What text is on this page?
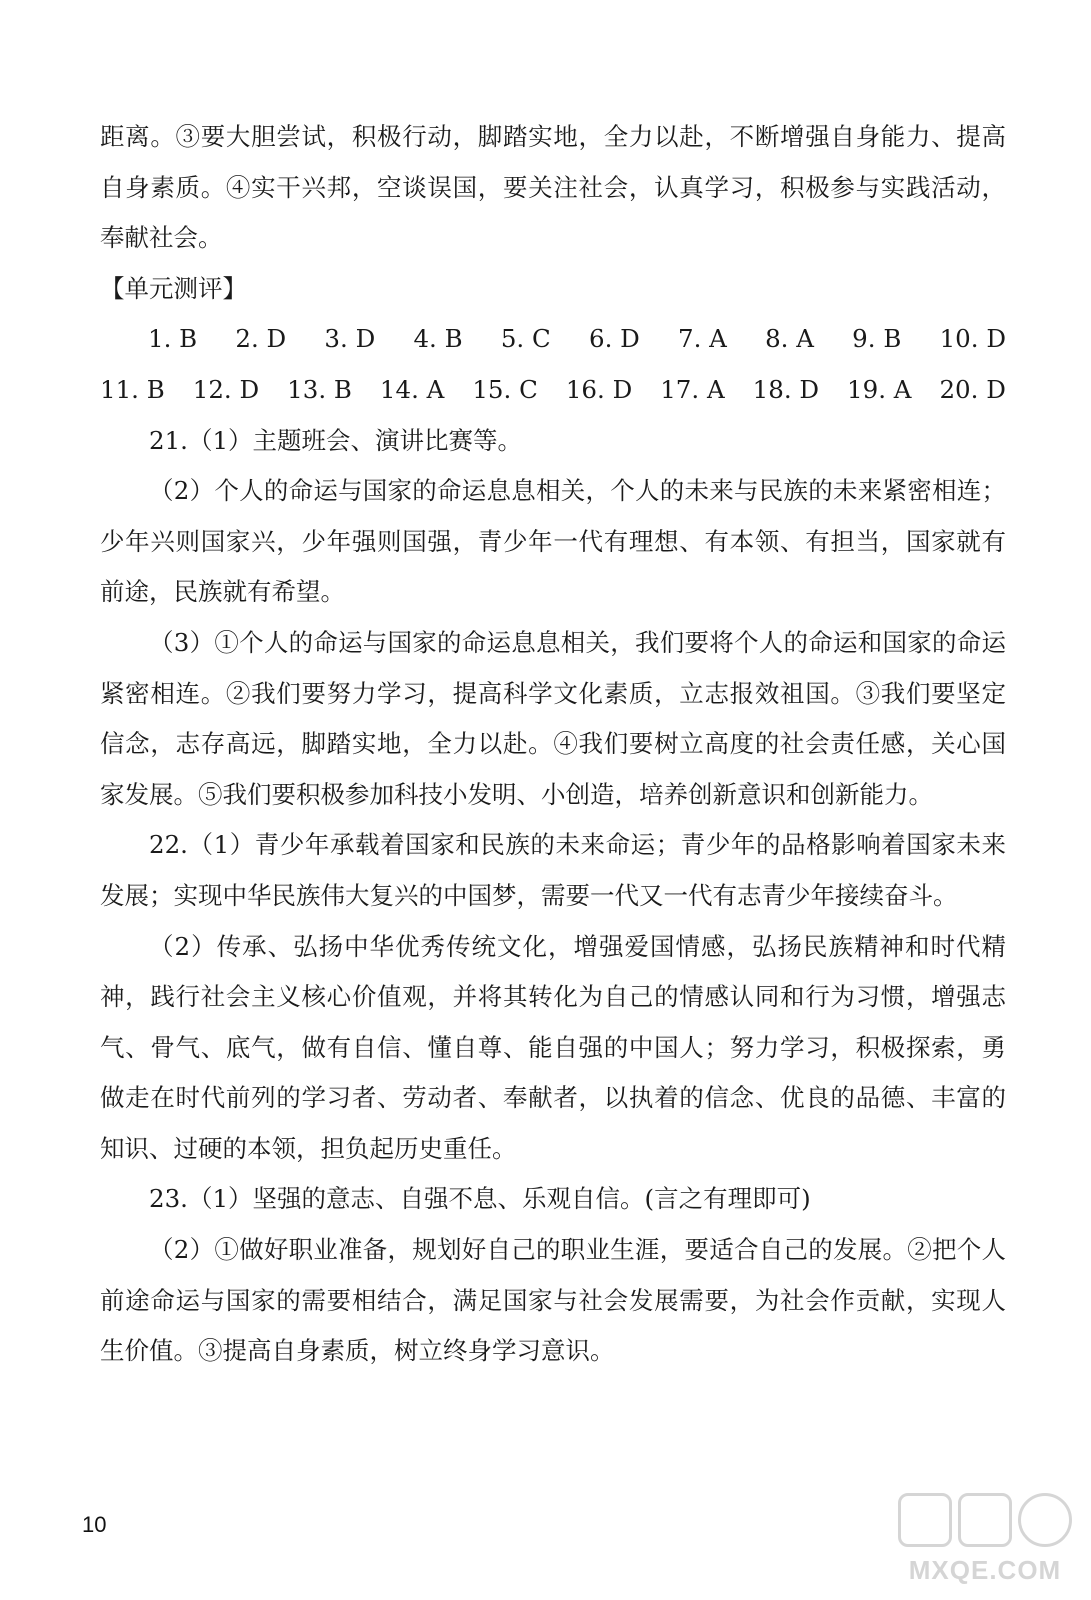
距离。③要大胆尝试，积极行动，脚踏实地，全力以赴，不断增强自身能力、提高自身素质。④实干兴邦，空谈误国，要关注社会，认真学习，积极参与实践活动，奉献社会。

【单元测评】

1. B 2. D 3. D 4. B 5. C 6. D 7. A 8. A 9. B 10. D
11. B 12. D 13. B 14. A 15. C 16. D 17. A 18. D 19. A 20. D

21.（1）主题班会、演讲比赛等。

（2）个人的命运与国家的命运息息相关，个人的未来与民族的未来紧密相连；少年兴则国家兴，少年强则国强，青少年一代有理想、有本领、有担当，国家就有前途，民族就有希望。

（3）①个人的命运与国家的命运息息相关，我们要将个人的命运和国家的命运紧密相连。②我们要努力学习，提高科学文化素质，立志报效祖国。③我们要坚定信念，志存高远，脚踏实地，全力以赴。④我们要树立高度的社会责任感，关心国家发展。⑤我们要积极参加科技小发明、小创造，培养创新意识和创新能力。

22.（1）青少年承载着国家和民族的未来命运；青少年的品格影响着国家未来发展；实现中华民族伟大复兴的中国梦，需要一代又一代有志青少年接续奋斗。

（2）传承、弘扬中华优秀传统文化，增强爱国情感，弘扬民族精神和时代精神，践行社会主义核心价值观，并将其转化为自己的情感认同和行为习惯，增强志气、骨气、底气，做有自信、懂自尊、能自强的中国人；努力学习，积极探索，勇做走在时代前列的学习者、劳动者、奉献者，以执着的信念、优良的品德、丰富的知识、过硬的本领，担负起历史重任。

23.（1）坚强的意志、自强不息、乐观自信。(言之有理即可)

（2）①做好职业准备，规划好自己的职业生涯，要适合自己的发展。②把个人前途命运与国家的需要相结合，满足国家与社会发展需要，为社会作贡献，实现人生价值。③提高自身素质，树立终身学习意识。

10
MXQE.COM
